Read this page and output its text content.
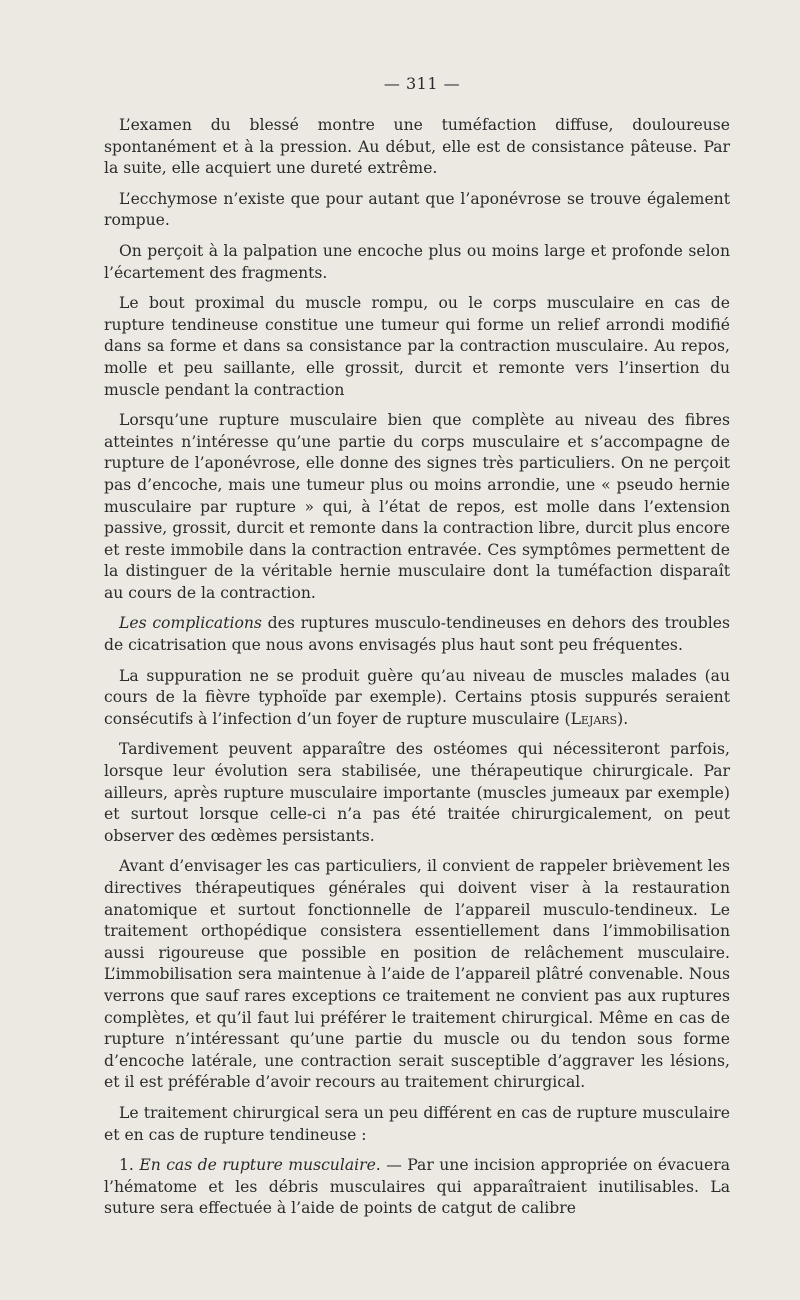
— 311 —

L’examen du blessé montre une tuméfaction diffuse, douloureuse spontanément et à la pression. Au début, elle est de consistance pâteuse. Par la suite, elle acquiert une dureté extrême.

L’ecchymose n’existe que pour autant que l’aponévrose se trouve également rompue.

On perçoit à la palpation une encoche plus ou moins large et profonde selon l’écartement des fragments.

Le bout proximal du muscle rompu, ou le corps musculaire en cas de rupture tendineuse constitue une tumeur qui forme un relief arrondi modifié dans sa forme et dans sa consistance par la contraction musculaire. Au repos, molle et peu saillante, elle grossit, durcit et remonte vers l’insertion du muscle pendant la contraction

Lorsqu’une rupture musculaire bien que complète au niveau des fibres atteintes n’intéresse qu’une partie du corps musculaire et s’accompagne de rupture de l’aponévrose, elle donne des signes très particuliers. On ne perçoit pas d’encoche, mais une tumeur plus ou moins arrondie, une « pseudo hernie musculaire par rupture » qui, à l’état de repos, est molle dans l’extension passive, grossit, durcit et remonte dans la contraction libre, durcit plus encore et reste immobile dans la contraction entravée. Ces symptômes permettent de la distinguer de la véritable hernie musculaire dont la tuméfaction disparaît au cours de la contraction.

Les complications des ruptures musculo-tendineuses en dehors des troubles de cicatrisation que nous avons envisagés plus haut sont peu fréquentes.

La suppuration ne se produit guère qu’au niveau de muscles malades (au cours de la fièvre typhoïde par exemple). Certains ptosis suppurés seraient consécutifs à l’infection d’un foyer de rupture musculaire (Lejars).

Tardivement peuvent apparaître des ostéomes qui nécessiteront parfois, lorsque leur évolution sera stabilisée, une thérapeutique chirurgicale. Par ailleurs, après rupture musculaire importante (muscles jumeaux par exemple) et surtout lorsque celle-ci n’a pas été traitée chirurgicalement, on peut observer des œdèmes persistants.

Avant d’envisager les cas particuliers, il convient de rappeler brièvement les directives thérapeutiques générales qui doivent viser à la restauration anatomique et surtout fonctionnelle de l’appareil musculo-tendineux. Le traitement orthopédique consistera essentiellement dans l’immobilisation aussi rigoureuse que possible en position de relâchement musculaire. L’immobilisation sera maintenue à l’aide de l’appareil plâtré convenable. Nous verrons que sauf rares exceptions ce traitement ne convient pas aux ruptures complètes, et qu’il faut lui préférer le traitement chirurgical. Même en cas de rupture n’intéressant qu’une partie du muscle ou du tendon sous forme d’encoche latérale, une contraction serait susceptible d’aggraver les lésions, et il est préférable d’avoir recours au traitement chirurgical.

Le traitement chirurgical sera un peu différent en cas de rupture musculaire et en cas de rupture tendineuse :

1. En cas de rupture musculaire. — Par une incision appropriée on évacuera l’hématome et les débris musculaires qui apparaîtraient inutilisables. La suture sera effectuée à l’aide de points de catgut de calibre
